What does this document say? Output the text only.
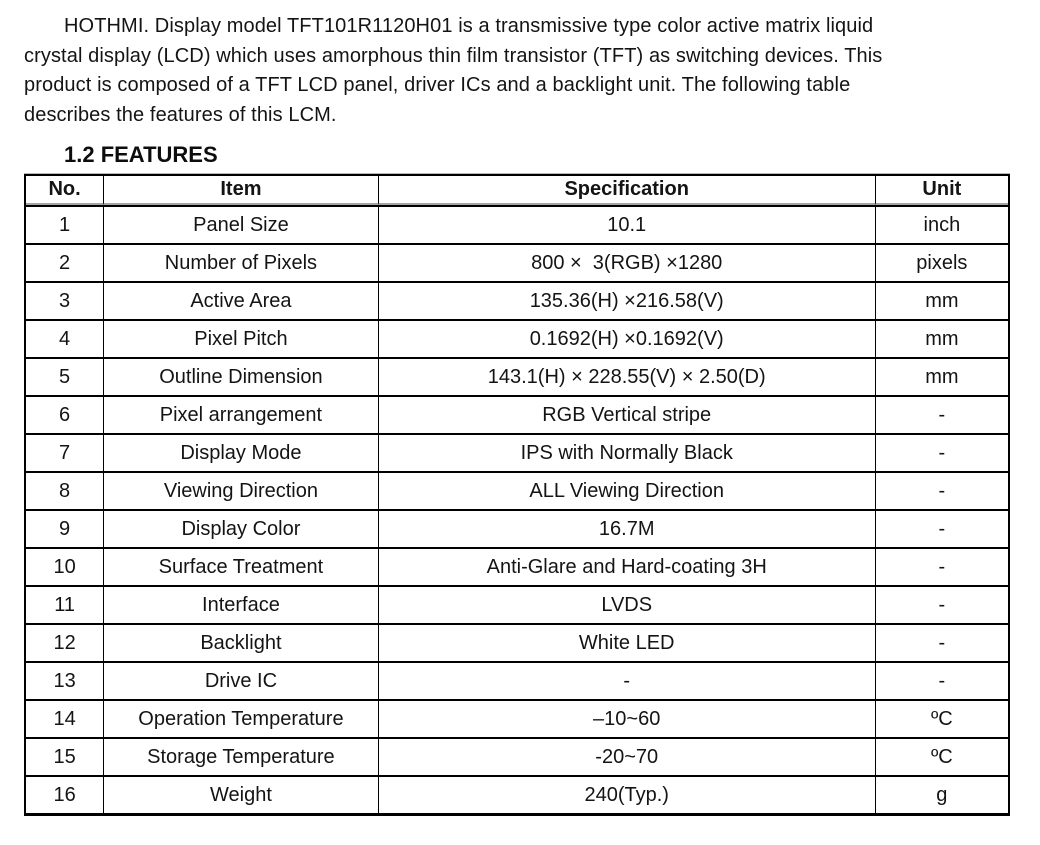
HOTHMI. Display model TFT101R1120H01 is a transmissive type color active matrix liquid
crystal display (LCD) which uses amorphous thin film transistor (TFT) as switching devices. This
product is composed of a TFT LCD panel, driver ICs and a backlight unit. The following table
describes the features of this LCM.
1.2 FEATURES
No.	Item	Specification	Unit
1	Panel Size	10.1	inch
2	Number of Pixels	800 ×  3(RGB) ×1280	pixels
3	Active Area	135.36(H) ×216.58(V)	mm
4	Pixel Pitch	0.1692(H) ×0.1692(V)	mm
5	Outline Dimension	143.1(H) × 228.55(V) × 2.50(D)	mm
6	Pixel arrangement	RGB Vertical stripe	-
7	Display Mode	IPS with Normally Black	-
8	Viewing Direction	ALL Viewing Direction	-
9	Display Color	16.7M	-
10	Surface Treatment	Anti-Glare and Hard-coating 3H	-
11	Interface	LVDS	-
12	Backlight	White LED	-
13	Drive IC	-	-
14	Operation Temperature	–10~60	ºC
15	Storage Temperature	-20~70	ºC
16	Weight	240(Typ.)	g
